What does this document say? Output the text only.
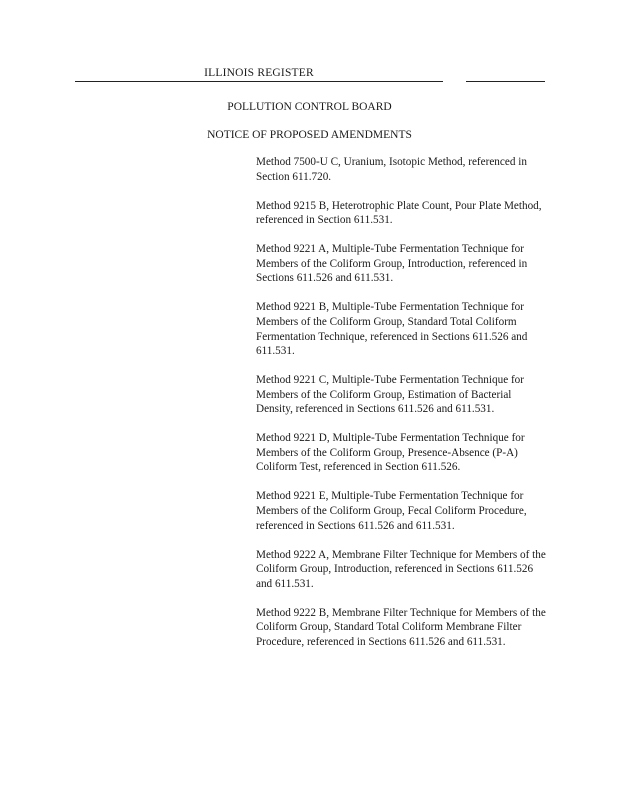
ILLINOIS REGISTER
POLLUTION CONTROL BOARD
NOTICE OF PROPOSED AMENDMENTS

Method 7500-U C, Uranium, Isotopic Method, referenced in Section 611.720.

Method 9215 B, Heterotrophic Plate Count, Pour Plate Method, referenced in Section 611.531.

Method 9221 A, Multiple-Tube Fermentation Technique for Members of the Coliform Group, Introduction, referenced in Sections 611.526 and 611.531.

Method 9221 B, Multiple-Tube Fermentation Technique for Members of the Coliform Group, Standard Total Coliform Fermentation Technique, referenced in Sections 611.526 and 611.531.

Method 9221 C, Multiple-Tube Fermentation Technique for Members of the Coliform Group, Estimation of Bacterial Density, referenced in Sections 611.526 and 611.531.

Method 9221 D, Multiple-Tube Fermentation Technique for Members of the Coliform Group, Presence-Absence (P-A) Coliform Test, referenced in Section 611.526.

Method 9221 E, Multiple-Tube Fermentation Technique for Members of the Coliform Group, Fecal Coliform Procedure, referenced in Sections 611.526 and 611.531.

Method 9222 A, Membrane Filter Technique for Members of the Coliform Group, Introduction, referenced in Sections 611.526 and 611.531.

Method 9222 B, Membrane Filter Technique for Members of the Coliform Group, Standard Total Coliform Membrane Filter Procedure, referenced in Sections 611.526 and 611.531.
